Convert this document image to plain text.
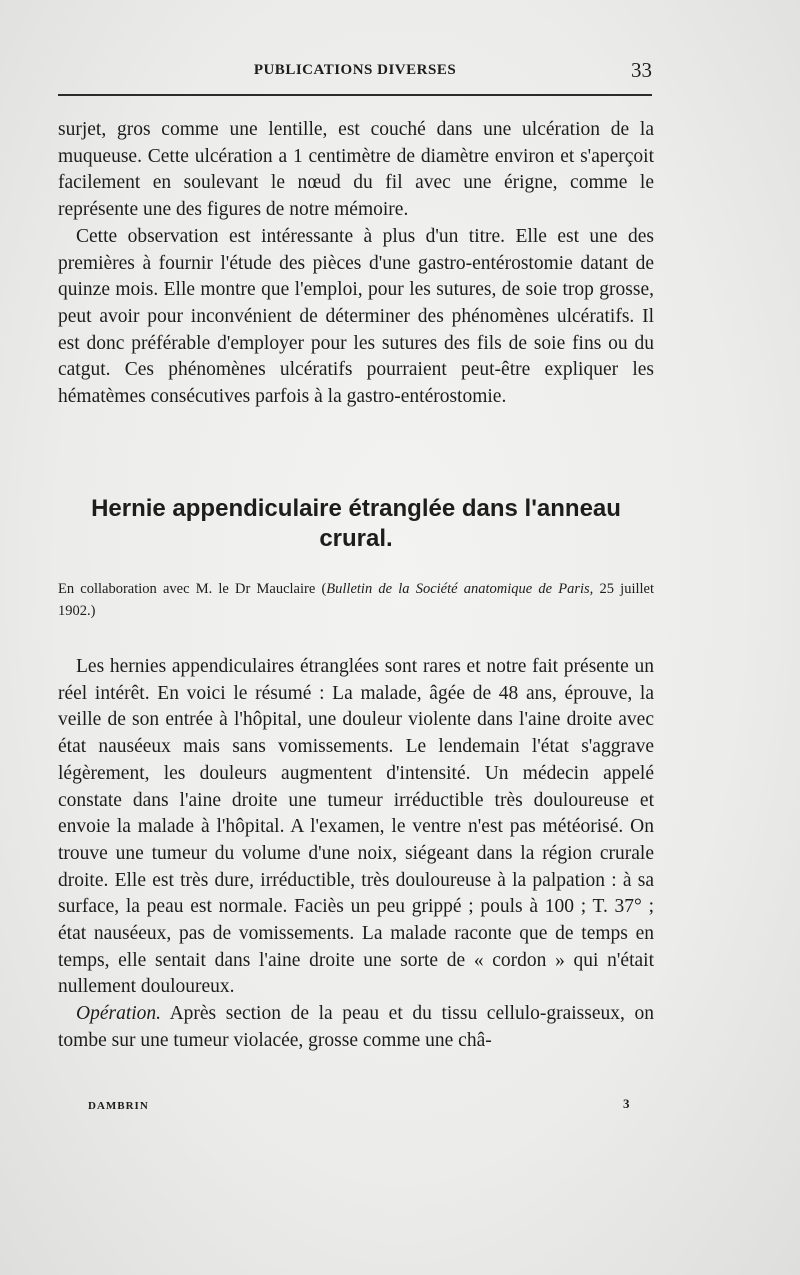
PUBLICATIONS DIVERSES	33

surjet, gros comme une lentille, est couché dans une ulcération de la muqueuse. Cette ulcération a 1 centimètre de diamètre environ et s'aperçoit facilement en soulevant le nœud du fil avec une érigne, comme le représente une des figures de notre mémoire.

Cette observation est intéressante à plus d'un titre. Elle est une des premières à fournir l'étude des pièces d'une gastro-entérostomie datant de quinze mois. Elle montre que l'emploi, pour les sutures, de soie trop grosse, peut avoir pour inconvénient de déterminer des phénomènes ulcératifs. Il est donc préférable d'employer pour les sutures des fils de soie fins ou du catgut. Ces phénomènes ulcératifs pourraient peut-être expliquer les hématèmes consécutives parfois à la gastro-entérostomie.

Hernie appendiculaire étranglée dans l'anneau crural.
En collaboration avec M. le Dr Mauclaire (Bulletin de la Société anatomique de Paris, 25 juillet 1902.)

Les hernies appendiculaires étranglées sont rares et notre fait présente un réel intérêt. En voici le résumé : La malade, âgée de 48 ans, éprouve, la veille de son entrée à l'hôpital, une douleur violente dans l'aine droite avec état nauséeux mais sans vomissements. Le lendemain l'état s'aggrave légèrement, les douleurs augmentent d'intensité. Un médecin appelé constate dans l'aine droite une tumeur irréductible très douloureuse et envoie la malade à l'hôpital. A l'examen, le ventre n'est pas météorisé. On trouve une tumeur du volume d'une noix, siégeant dans la région crurale droite. Elle est très dure, irréductible, très douloureuse à la palpation : à sa surface, la peau est normale. Faciès un peu grippé ; pouls à 100 ; T. 37° ; état nauséeux, pas de vomissements. La malade raconte que de temps en temps, elle sentait dans l'aine droite une sorte de « cordon » qui n'était nullement douloureux.

Opération. Après section de la peau et du tissu cellulo-graisseux, on tombe sur une tumeur violacée, grosse comme une châ-

DAMBRIN	3
